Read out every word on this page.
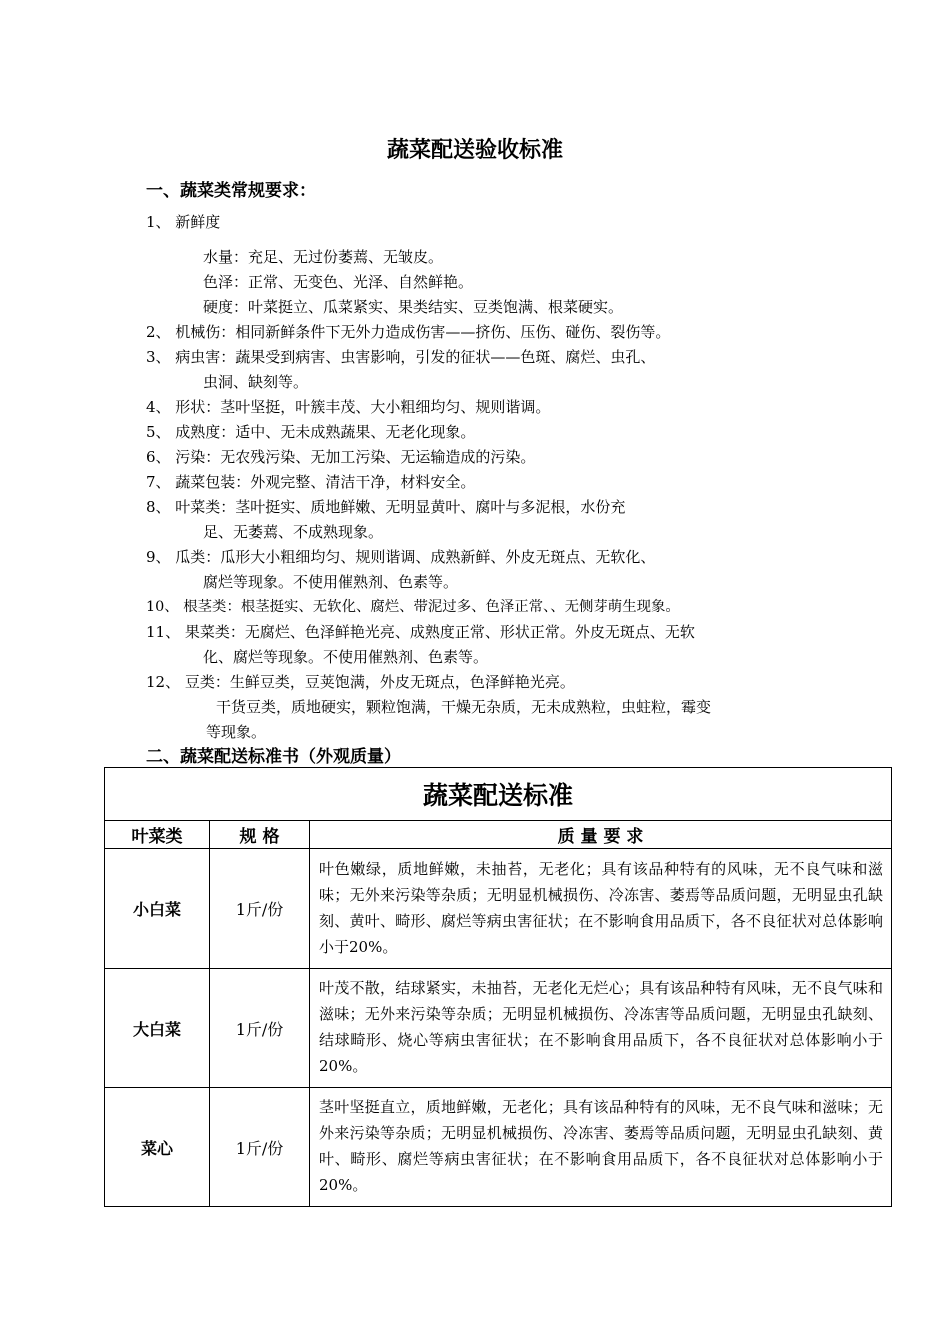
蔬菜配送验收标准
一、蔬菜类常规要求：
1、 新鲜度
水量：充足、无过份萎蔫、无皱皮。
色泽：正常、无变色、光泽、自然鲜艳。
硬度：叶菜挺立、瓜菜紧实、果类结实、豆类饱满、根菜硬实。
2、 机械伤：相同新鲜条件下无外力造成伤害——挤伤、压伤、碰伤、裂伤等。
3、 病虫害：蔬果受到病害、虫害影响，引发的征状——色斑、腐烂、虫孔、
虫洞、缺刻等。
4、 形状：茎叶坚挺，叶簇丰茂、大小粗细均匀、规则谐调。
5、 成熟度：适中、无未成熟蔬果、无老化现象。
6、 污染：无农残污染、无加工污染、无运输造成的污染。
7、 蔬菜包装：外观完整、清洁干净，材料安全。
8、 叶菜类：茎叶挺实、质地鲜嫩、无明显黄叶、腐叶与多泥根，水份充
足、无萎蔫、不成熟现象。
9、 瓜类：瓜形大小粗细均匀、规则谐调、成熟新鲜、外皮无斑点、无软化、
腐烂等现象。不使用催熟剂、色素等。
10、 根茎类：根茎挺实、无软化、腐烂、带泥过多、色泽正常、、无侧芽萌生现象。
11、 果菜类：无腐烂、色泽鲜艳光亮、成熟度正常、形状正常。外皮无斑点、无软
化、腐烂等现象。不使用催熟剂、色素等。
12、 豆类：生鲜豆类，豆荚饱满，外皮无斑点，色泽鲜艳光亮。
干货豆类，质地硬实，颗粒饱满，干燥无杂质，无未成熟粒，虫蛀粒，霉变
等现象。
二、蔬菜配送标准书（外观质量）
蔬菜配送标准		
叶菜类	规 格	质 量 要 求
小白菜	1斤/份	叶色嫩绿，质地鲜嫩，未抽苔，无老化；具有该品种特有的风味，无不良气味和滋味；无外来污染等杂质；无明显机械损伤、冷冻害、萎焉等品质问题，无明显虫孔缺刻、黄叶、畸形、腐烂等病虫害征状；在不影响食用品质下，各不良征状对总体影响小于20%。
大白菜	1斤/份	叶茂不散，结球紧实，未抽苔，无老化无烂心；具有该品种特有风味，无不良气味和滋味；无外来污染等杂质；无明显机械损伤、冷冻害等品质问题，无明显虫孔缺刻、结球畸形、烧心等病虫害征状；在不影响食用品质下，各不良征状对总体影响小于20%。
菜心	1斤/份	茎叶坚挺直立，质地鲜嫩，无老化；具有该品种特有的风味，无不良气味和滋味；无外来污染等杂质；无明显机械损伤、冷冻害、萎焉等品质问题，无明显虫孔缺刻、黄叶、畸形、腐烂等病虫害征状；在不影响食用品质下，各不良征状对总体影响小于20%。
